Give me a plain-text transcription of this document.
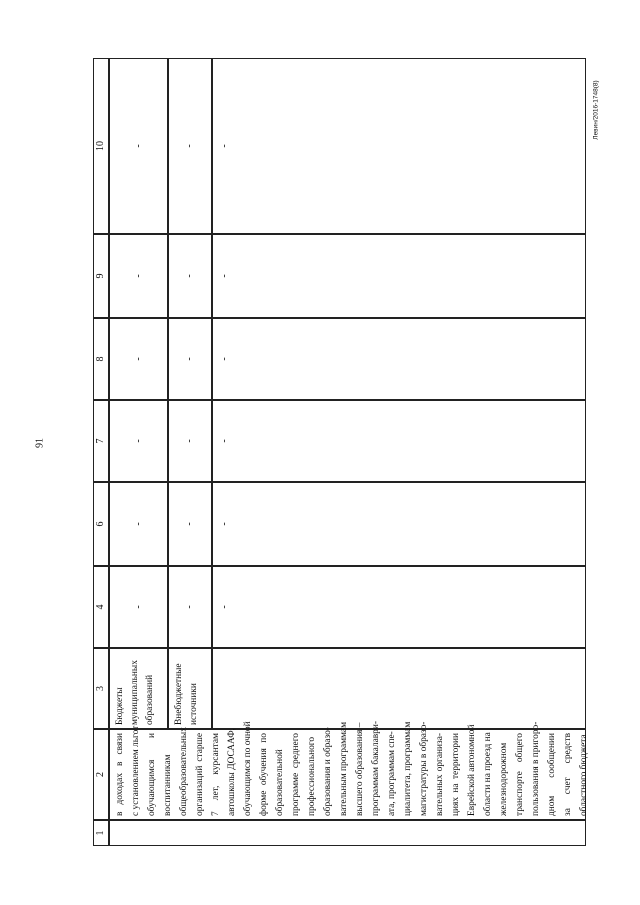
91
Левин/2016-1748(8)
1
2
3
4
6
7
8
9
10
в доходах в связи с установлением льгот обучающимся и воспитанникам общеобразовательных организаций старше 7 лет, курсантам автошколы ДОСААФ, обучающимся по очной форме обучения по образовательной программе среднего профессионального образования и образо- вательным программам высшего образования – программам бакалаври- ата, программам спе- циалитета, программам магистратуры в образо- вательных организа- циях на территории Еврейской автономной области на проезд на железнодорожном транспорте общего пользования в пригоро- дном сообщении за счет средств областного бюджета
Бюджеты муниципальных образований
-
-
-
-
-
-
Внебюджетные источники
-
-
-
-
-
-
-
-
-
-
-
-
